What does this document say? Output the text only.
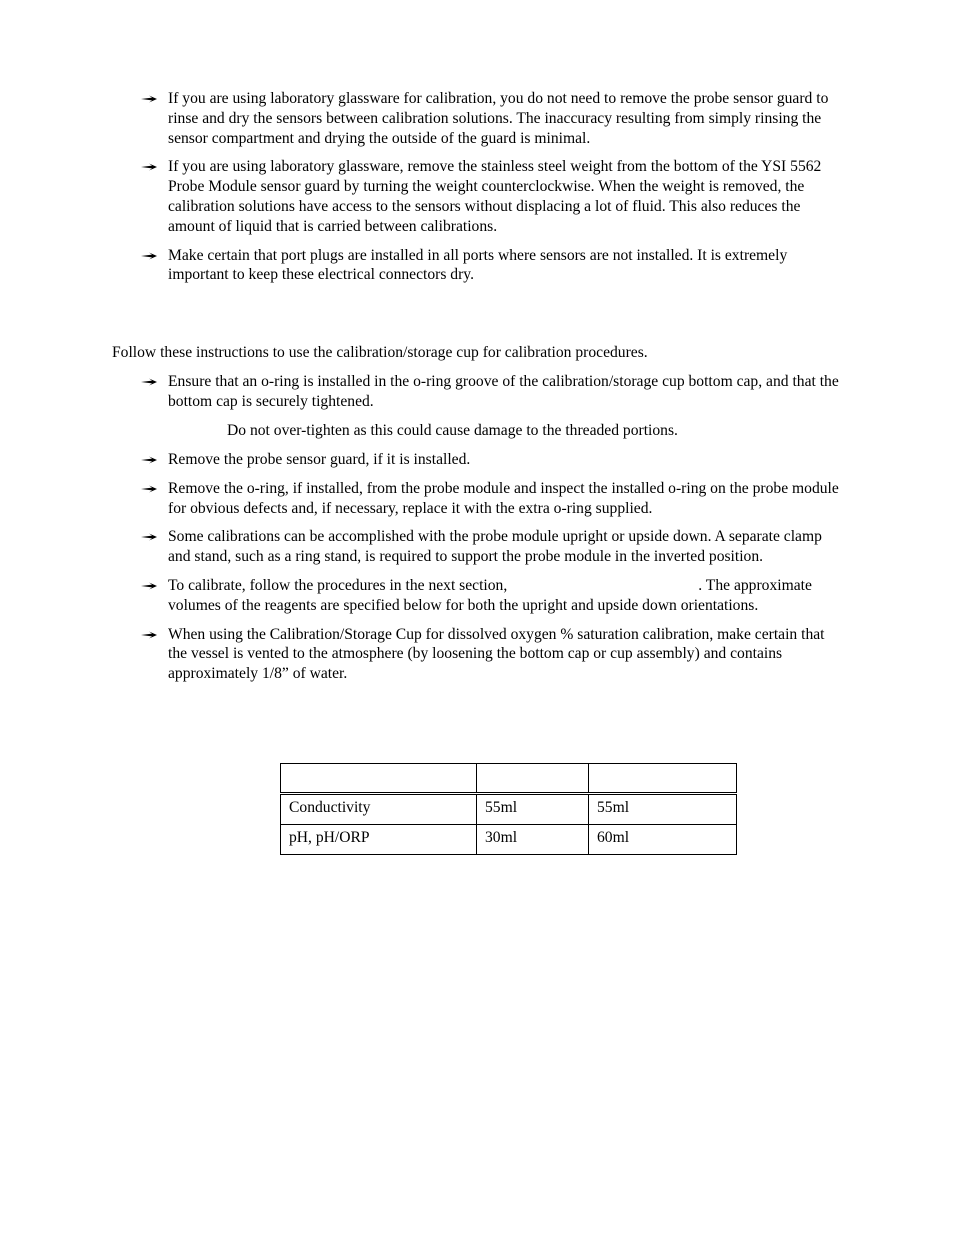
If you are using laboratory glassware for calibration, you do not need to remove the probe sensor guard to rinse and dry the sensors between calibration solutions. The inaccuracy resulting from simply rinsing the sensor compartment and drying the outside of the guard is minimal.
If you are using laboratory glassware, remove the stainless steel weight from the bottom of the YSI 5562 Probe Module sensor guard by turning the weight counterclockwise. When the weight is removed, the calibration solutions have access to the sensors without displacing a lot of fluid. This also reduces the amount of liquid that is carried between calibrations.
Make certain that port plugs are installed in all ports where sensors are not installed. It is extremely important to keep these electrical connectors dry.

Follow these instructions to use the calibration/storage cup for calibration procedures.

Ensure that an o-ring is installed in the o-ring groove of the calibration/storage cup bottom cap, and that the bottom cap is securely tightened.

Do not over-tighten as this could cause damage to the threaded portions.

Remove the probe sensor guard, if it is installed.
Remove the o-ring, if installed, from the probe module and inspect the installed o-ring on the probe module for obvious defects and, if necessary, replace it with the extra o-ring supplied.
Some calibrations can be accomplished with the probe module upright or upside down. A separate clamp and stand, such as a ring stand, is required to support the probe module in the inverted position.
To calibrate, follow the procedures in the next section,	. The approximate volumes of the reagents are specified below for both the upright and upside down orientations.
When using the Calibration/Storage Cup for dissolved oxygen % saturation calibration, make certain that the vessel is vented to the atmosphere (by loosening the bottom cap or cup assembly) and contains approximately 1/8” of water.

Conductivity	55ml	55ml
pH, pH/ORP	30ml	60ml
